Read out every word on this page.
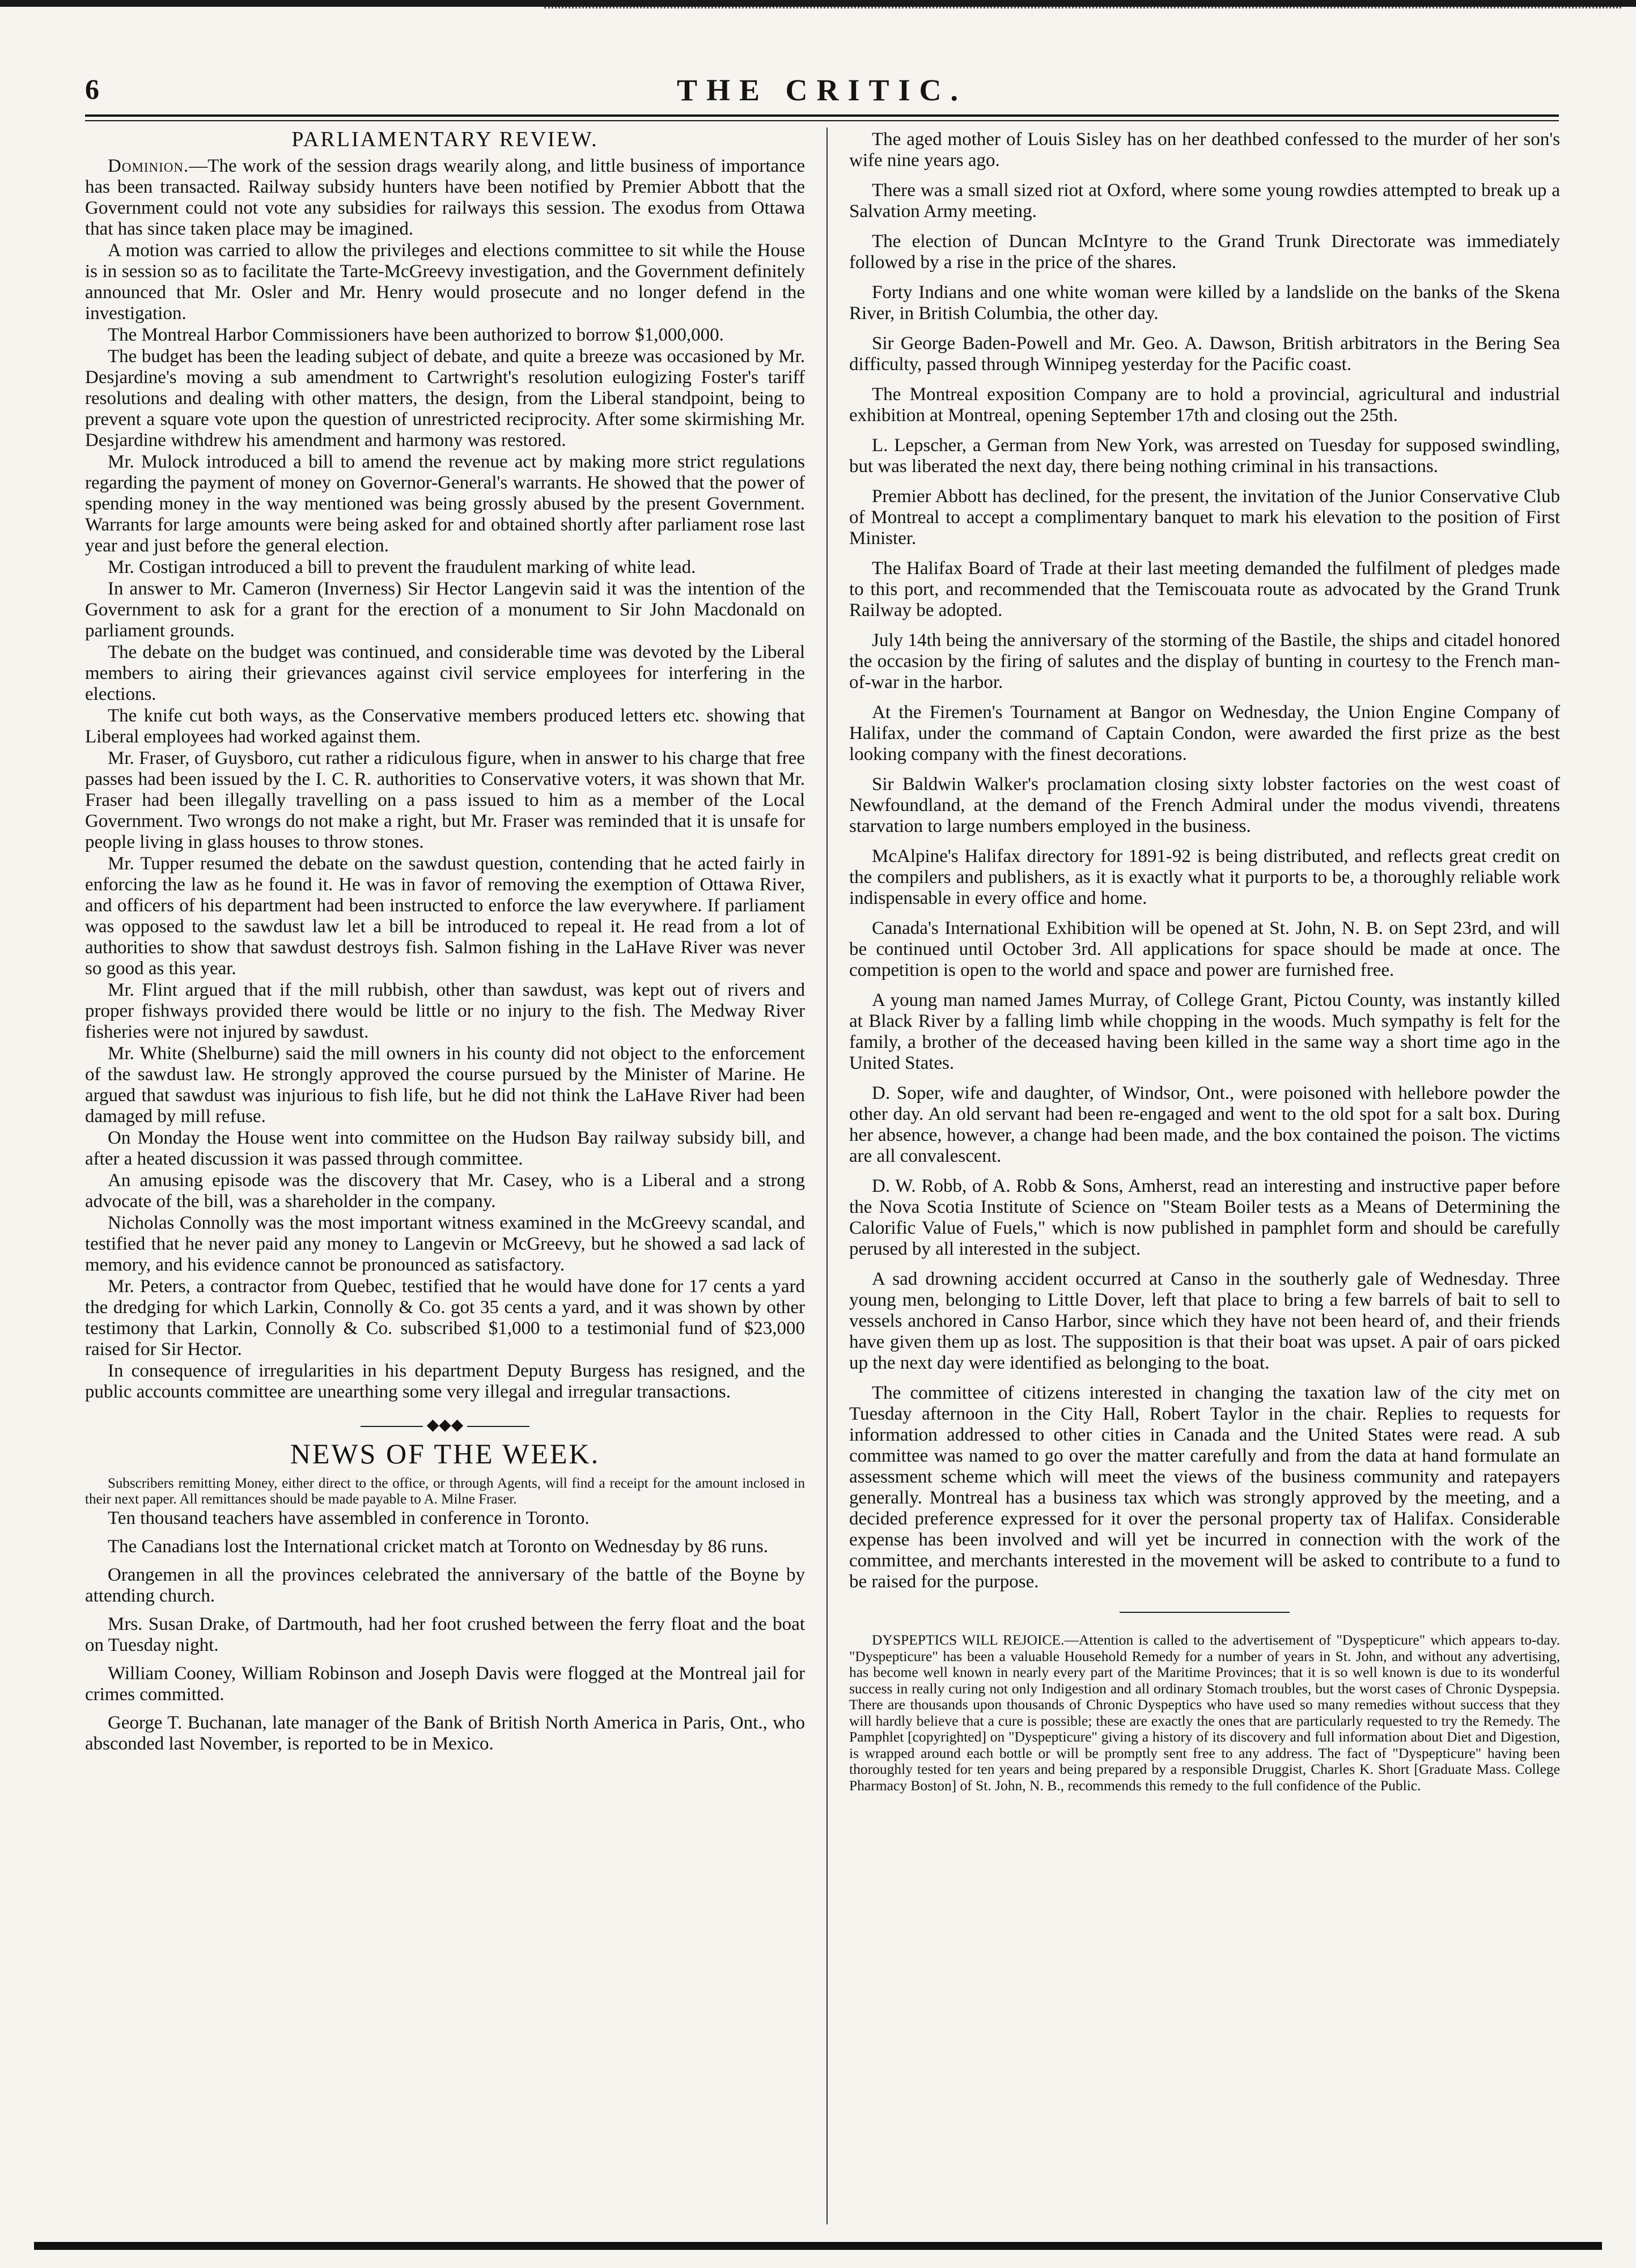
6	THE CRITIC.
PARLIAMENTARY REVIEW.

Dominion.—The work of the session drags wearily along, and little business of importance has been transacted. Railway subsidy hunters have been notified by Premier Abbott that the Government could not vote any subsidies for railways this session. The exodus from Ottawa that has since taken place may be imagined.

A motion was carried to allow the privileges and elections committee to sit while the House is in session so as to facilitate the Tarte-McGreevy investigation, and the Government definitely announced that Mr. Osler and Mr. Henry would prosecute and no longer defend in the investigation.

The Montreal Harbor Commissioners have been authorized to borrow $1,000,000.

The budget has been the leading subject of debate, and quite a breeze was occasioned by Mr. Desjardine's moving a sub amendment to Cartwright's resolution eulogizing Foster's tariff resolutions and dealing with other matters, the design, from the Liberal standpoint, being to prevent a square vote upon the question of unrestricted reciprocity. After some skirmishing Mr. Desjardine withdrew his amendment and harmony was restored.

Mr. Mulock introduced a bill to amend the revenue act by making more strict regulations regarding the payment of money on Governor-General's warrants. He showed that the power of spending money in the way mentioned was being grossly abused by the present Government. Warrants for large amounts were being asked for and obtained shortly after parliament rose last year and just before the general election.

Mr. Costigan introduced a bill to prevent the fraudulent marking of white lead.

In answer to Mr. Cameron (Inverness) Sir Hector Langevin said it was the intention of the Government to ask for a grant for the erection of a monument to Sir John Macdonald on parliament grounds.

The debate on the budget was continued, and considerable time was devoted by the Liberal members to airing their grievances against civil service employees for interfering in the elections.

The knife cut both ways, as the Conservative members produced letters etc. showing that Liberal employees had worked against them.

Mr. Fraser, of Guysboro, cut rather a ridiculous figure, when in answer to his charge that free passes had been issued by the I. C. R. authorities to Conservative voters, it was shown that Mr. Fraser had been illegally travelling on a pass issued to him as a member of the Local Government. Two wrongs do not make a right, but Mr. Fraser was reminded that it is unsafe for people living in glass houses to throw stones.

Mr. Tupper resumed the debate on the sawdust question, contending that he acted fairly in enforcing the law as he found it. He was in favor of removing the exemption of Ottawa River, and officers of his department had been instructed to enforce the law everywhere. If parliament was opposed to the sawdust law let a bill be introduced to repeal it. He read from a lot of authorities to show that sawdust destroys fish. Salmon fishing in the LaHave River was never so good as this year.

Mr. Flint argued that if the mill rubbish, other than sawdust, was kept out of rivers and proper fishways provided there would be little or no injury to the fish. The Medway River fisheries were not injured by sawdust.

Mr. White (Shelburne) said the mill owners in his county did not object to the enforcement of the sawdust law. He strongly approved the course pursued by the Minister of Marine. He argued that sawdust was injurious to fish life, but he did not think the LaHave River had been damaged by mill refuse.

On Monday the House went into committee on the Hudson Bay railway subsidy bill, and after a heated discussion it was passed through committee.

An amusing episode was the discovery that Mr. Casey, who is a Liberal and a strong advocate of the bill, was a shareholder in the company.

Nicholas Connolly was the most important witness examined in the McGreevy scandal, and testified that he never paid any money to Langevin or McGreevy, but he showed a sad lack of memory, and his evidence cannot be pronounced as satisfactory.

Mr. Peters, a contractor from Quebec, testified that he would have done for 17 cents a yard the dredging for which Larkin, Connolly & Co. got 35 cents a yard, and it was shown by other testimony that Larkin, Connolly & Co. subscribed $1,000 to a testimonial fund of $23,000 raised for Sir Hector.

In consequence of irregularities in his department Deputy Burgess has resigned, and the public accounts committee are unearthing some very illegal and irregular transactions.

◆◆◆
NEWS OF THE WEEK.

Subscribers remitting Money, either direct to the office, or through Agents, will find a receipt for the amount inclosed in their next paper. All remittances should be made payable to A. Milne Fraser.

Ten thousand teachers have assembled in conference in Toronto.

The Canadians lost the International cricket match at Toronto on Wednesday by 86 runs.

Orangemen in all the provinces celebrated the anniversary of the battle of the Boyne by attending church.

Mrs. Susan Drake, of Dartmouth, had her foot crushed between the ferry float and the boat on Tuesday night.

William Cooney, William Robinson and Joseph Davis were flogged at the Montreal jail for crimes committed.

George T. Buchanan, late manager of the Bank of British North America in Paris, Ont., who absconded last November, is reported to be in Mexico.

The aged mother of Louis Sisley has on her deathbed confessed to the murder of her son's wife nine years ago.

There was a small sized riot at Oxford, where some young rowdies attempted to break up a Salvation Army meeting.

The election of Duncan McIntyre to the Grand Trunk Directorate was immediately followed by a rise in the price of the shares.

Forty Indians and one white woman were killed by a landslide on the banks of the Skena River, in British Columbia, the other day.

Sir George Baden-Powell and Mr. Geo. A. Dawson, British arbitrators in the Bering Sea difficulty, passed through Winnipeg yesterday for the Pacific coast.

The Montreal exposition Company are to hold a provincial, agricultural and industrial exhibition at Montreal, opening September 17th and closing out the 25th.

L. Lepscher, a German from New York, was arrested on Tuesday for supposed swindling, but was liberated the next day, there being nothing criminal in his transactions.

Premier Abbott has declined, for the present, the invitation of the Junior Conservative Club of Montreal to accept a complimentary banquet to mark his elevation to the position of First Minister.

The Halifax Board of Trade at their last meeting demanded the fulfilment of pledges made to this port, and recommended that the Temiscouata route as advocated by the Grand Trunk Railway be adopted.

July 14th being the anniversary of the storming of the Bastile, the ships and citadel honored the occasion by the firing of salutes and the display of bunting in courtesy to the French man-of-war in the harbor.

At the Firemen's Tournament at Bangor on Wednesday, the Union Engine Company of Halifax, under the command of Captain Condon, were awarded the first prize as the best looking company with the finest decorations.

Sir Baldwin Walker's proclamation closing sixty lobster factories on the west coast of Newfoundland, at the demand of the French Admiral under the modus vivendi, threatens starvation to large numbers employed in the business.

McAlpine's Halifax directory for 1891-92 is being distributed, and reflects great credit on the compilers and publishers, as it is exactly what it purports to be, a thoroughly reliable work indispensable in every office and home.

Canada's International Exhibition will be opened at St. John, N. B. on Sept 23rd, and will be continued until October 3rd. All applications for space should be made at once. The competition is open to the world and space and power are furnished free.

A young man named James Murray, of College Grant, Pictou County, was instantly killed at Black River by a falling limb while chopping in the woods. Much sympathy is felt for the family, a brother of the deceased having been killed in the same way a short time ago in the United States.

D. Soper, wife and daughter, of Windsor, Ont., were poisoned with hellebore powder the other day. An old servant had been re-engaged and went to the old spot for a salt box. During her absence, however, a change had been made, and the box contained the poison. The victims are all convalescent.

D. W. Robb, of A. Robb & Sons, Amherst, read an interesting and instructive paper before the Nova Scotia Institute of Science on "Steam Boiler tests as a Means of Determining the Calorific Value of Fuels," which is now published in pamphlet form and should be carefully perused by all interested in the subject.

A sad drowning accident occurred at Canso in the southerly gale of Wednesday. Three young men, belonging to Little Dover, left that place to bring a few barrels of bait to sell to vessels anchored in Canso Harbor, since which they have not been heard of, and their friends have given them up as lost. The supposition is that their boat was upset. A pair of oars picked up the next day were identified as belonging to the boat.

The committee of citizens interested in changing the taxation law of the city met on Tuesday afternoon in the City Hall, Robert Taylor in the chair. Replies to requests for information addressed to other cities in Canada and the United States were read. A sub committee was named to go over the matter carefully and from the data at hand formulate an assessment scheme which will meet the views of the business community and ratepayers generally. Montreal has a business tax which was strongly approved by the meeting, and a decided preference expressed for it over the personal property tax of Halifax. Considerable expense has been involved and will yet be incurred in connection with the work of the committee, and merchants interested in the movement will be asked to contribute to a fund to be raised for the purpose.

DYSPEPTICS WILL REJOICE.—Attention is called to the advertisement of "Dyspepticure" which appears to-day. "Dyspepticure" has been a valuable Household Remedy for a number of years in St. John, and without any advertising, has become well known in nearly every part of the Maritime Provinces; that it is so well known is due to its wonderful success in really curing not only Indigestion and all ordinary Stomach troubles, but the worst cases of Chronic Dyspepsia. There are thousands upon thousands of Chronic Dyspeptics who have used so many remedies without success that they will hardly believe that a cure is possible; these are exactly the ones that are particularly requested to try the Remedy. The Pamphlet [copyrighted] on "Dyspepticure" giving a history of its discovery and full information about Diet and Digestion, is wrapped around each bottle or will be promptly sent free to any address. The fact of "Dyspepticure" having been thoroughly tested for ten years and being prepared by a responsible Druggist, Charles K. Short [Graduate Mass. College Pharmacy Boston] of St. John, N. B., recommends this remedy to the full confidence of the Public.
